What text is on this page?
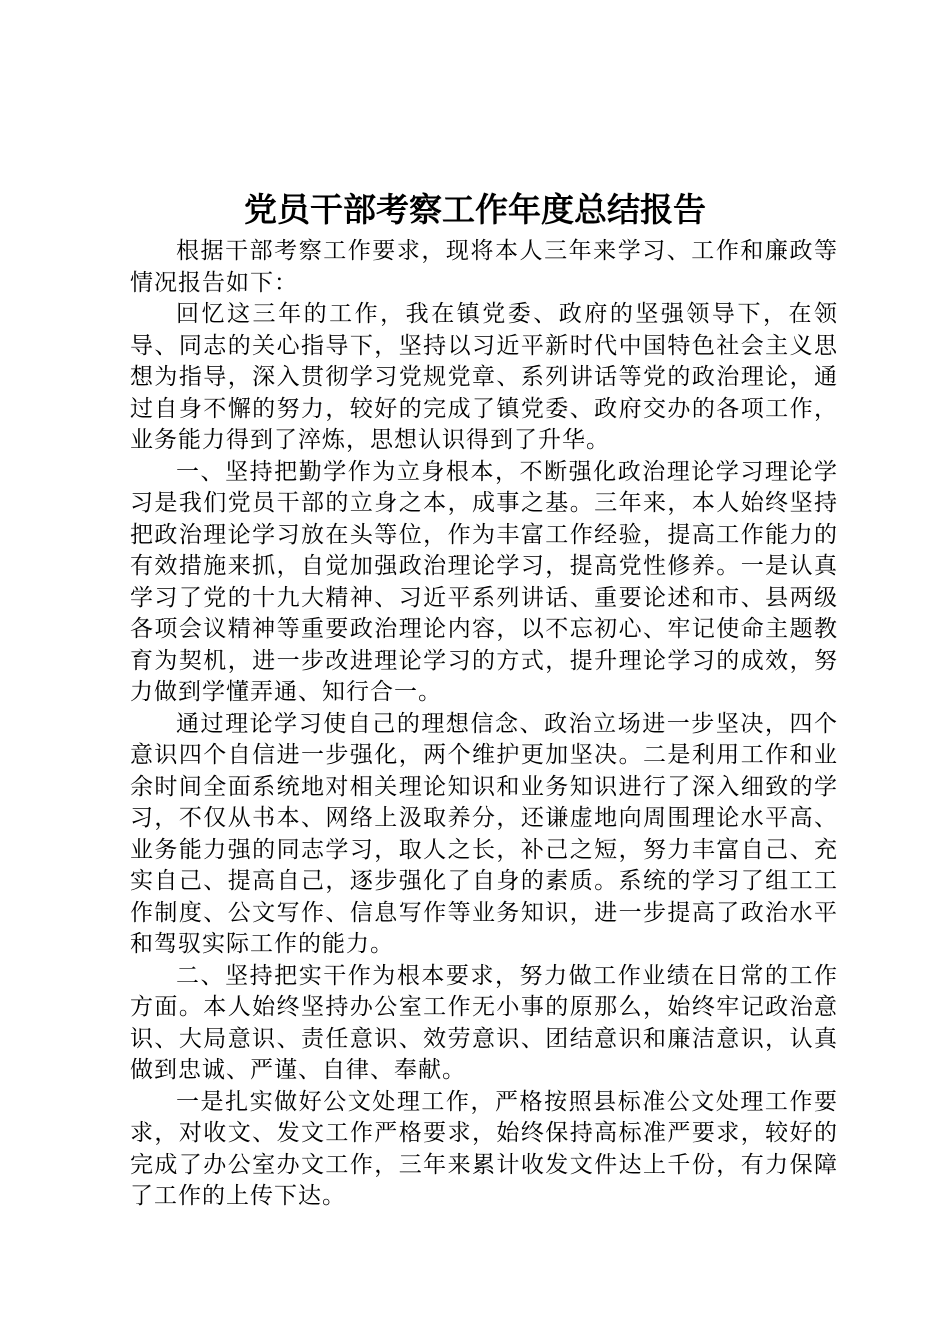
党员干部考察工作年度总结报告

根据干部考察工作要求，现将本人三年来学习、工作和廉政等情况报告如下：

回忆这三年的工作，我在镇党委、政府的坚强领导下，在领导、同志的关心指导下，坚持以习近平新时代中国特色社会主义思想为指导，深入贯彻学习党规党章、系列讲话等党的政治理论，通过自身不懈的努力，较好的完成了镇党委、政府交办的各项工作，业务能力得到了淬炼，思想认识得到了升华。

一、坚持把勤学作为立身根本，不断强化政治理论学习理论学习是我们党员干部的立身之本，成事之基。三年来，本人始终坚持把政治理论学习放在头等位，作为丰富工作经验，提高工作能力的有效措施来抓，自觉加强政治理论学习，提高党性修养。一是认真学习了党的十九大精神、习近平系列讲话、重要论述和市、县两级各项会议精神等重要政治理论内容，以不忘初心、牢记使命主题教育为契机，进一步改进理论学习的方式，提升理论学习的成效，努力做到学懂弄通、知行合一。

通过理论学习使自己的理想信念、政治立场进一步坚决，四个意识四个自信进一步强化，两个维护更加坚决。二是利用工作和业余时间全面系统地对相关理论知识和业务知识进行了深入细致的学习，不仅从书本、网络上汲取养分，还谦虚地向周围理论水平高、业务能力强的同志学习，取人之长，补己之短，努力丰富自己、充实自己、提高自己，逐步强化了自身的素质。系统的学习了组工工作制度、公文写作、信息写作等业务知识，进一步提高了政治水平和驾驭实际工作的能力。

二、坚持把实干作为根本要求，努力做工作业绩在日常的工作方面。本人始终坚持办公室工作无小事的原那么，始终牢记政治意识、大局意识、责任意识、效劳意识、团结意识和廉洁意识，认真做到忠诚、严谨、自律、奉献。

一是扎实做好公文处理工作，严格按照县标准公文处理工作要求，对收文、发文工作严格要求，始终保持高标准严要求，较好的完成了办公室办文工作，三年来累计收发文件达上千份，有力保障了工作的上传下达。
